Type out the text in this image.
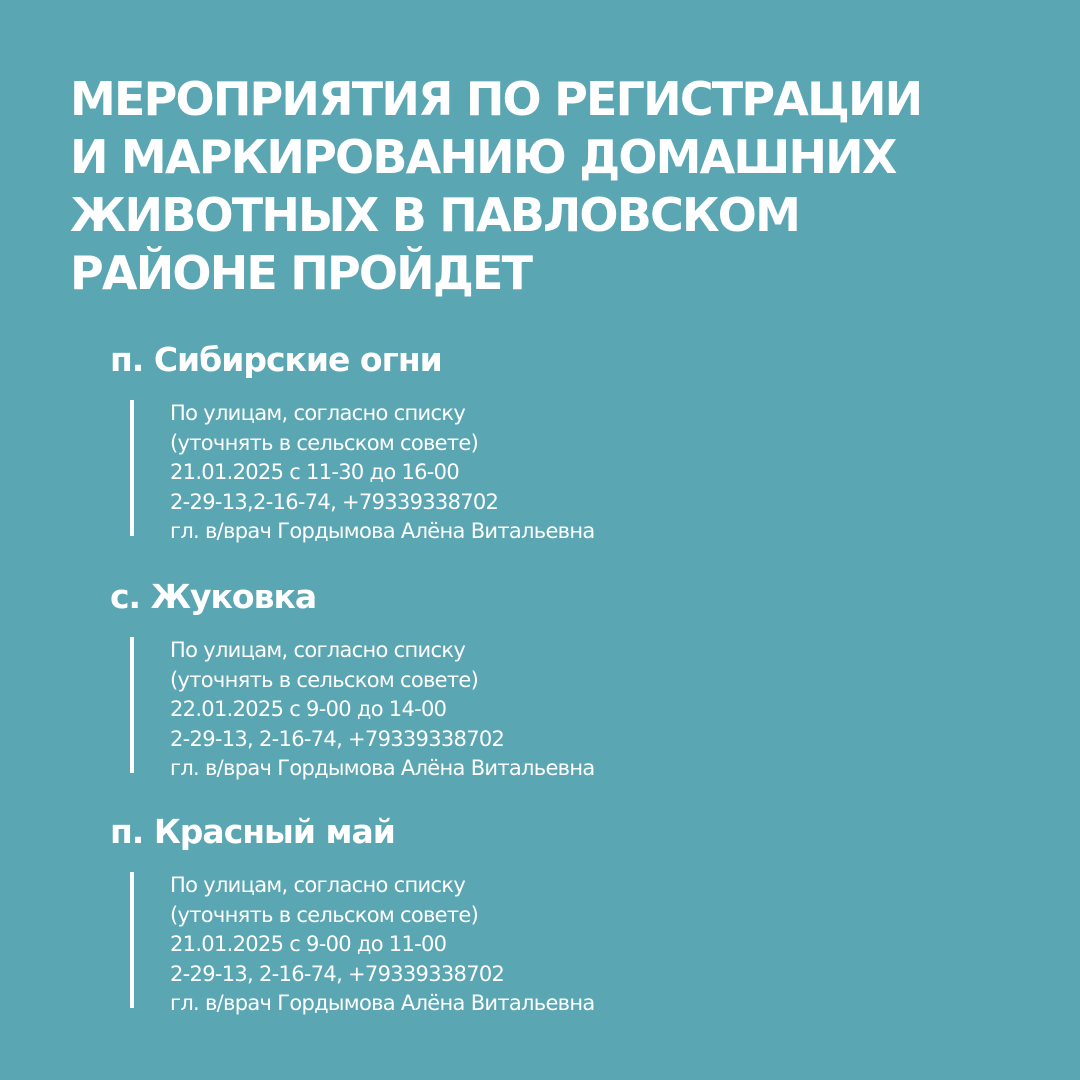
МЕРОПРИЯТИЯ ПО РЕГИСТРАЦИИ
И МАРКИРОВАНИЮ ДОМАШНИХ
ЖИВОТНЫХ В ПАВЛОВСКОМ
РАЙОНЕ ПРОЙДЕТ
п. Сибирские огни
По улицам, согласно списку
(уточнять в сельском совете)
21.01.2025 с 11-30 до 16-00
2-29-13,2-16-74, +79339338702
гл. в/врач Гордымова Алёна Витальевна
с. Жуковка
По улицам, согласно списку
(уточнять в сельском совете)
22.01.2025 с 9-00 до 14-00
2-29-13, 2-16-74, +79339338702
гл. в/врач Гордымова Алёна Витальевна
п. Красный май
По улицам, согласно списку
(уточнять в сельском совете)
21.01.2025 с 9-00 до 11-00
2-29-13, 2-16-74, +79339338702
гл. в/врач Гордымова Алёна Витальевна
